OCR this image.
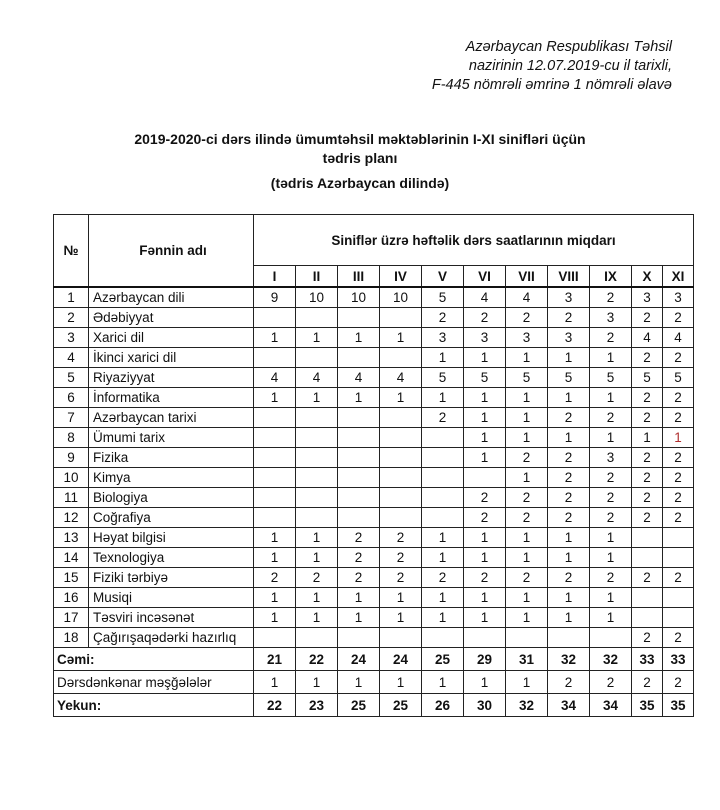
Azərbaycan Respublikası Təhsil
nazirinin 12.07.2019-cu il tarixli,
F-445 nömrəli əmrinə 1 nömrəli əlavə
2019-2020-ci dərs ilində ümumtəhsil məktəblərinin I-XI sinifləri üçün
tədris planı
(tədris Azərbaycan dilində)
№	Fənnin adı	Siniflər üzrə həftəlik dərs saatlarının miqdarı										
		I	II	III	IV	V	VI	VII	VIII	IX	X	XI
1	Azərbaycan dili	9	10	10	10	5	4	4	3	2	3	3
2	Ədəbiyyat					2	2	2	2	3	2	2
3	Xarici dil	1	1	1	1	3	3	3	3	2	4	4
4	İkinci xarici dil					1	1	1	1	1	2	2
5	Riyaziyyat	4	4	4	4	5	5	5	5	5	5	5
6	İnformatika	1	1	1	1	1	1	1	1	1	2	2
7	Azərbaycan tarixi					2	1	1	2	2	2	2
8	Ümumi tarix						1	1	1	1	1	1
9	Fizika						1	2	2	3	2	2
10	Kimya							1	2	2	2	2
11	Biologiya						2	2	2	2	2	2
12	Coğrafiya						2	2	2	2	2	2
13	Həyat bilgisi	1	1	2	2	1	1	1	1	1		
14	Texnologiya	1	1	2	2	1	1	1	1	1		
15	Fiziki tərbiyə	2	2	2	2	2	2	2	2	2	2	2
16	Musiqi	1	1	1	1	1	1	1	1	1		
17	Təsviri incəsənət	1	1	1	1	1	1	1	1	1		
18	Çağırışaqədərki hazırlıq										2	2
Cəmi:		21	22	24	24	25	29	31	32	32	33	33
Dərsdənkənar məşğələlər		1	1	1	1	1	1	1	2	2	2	2
Yekun:		22	23	25	25	26	30	32	34	34	35	35
